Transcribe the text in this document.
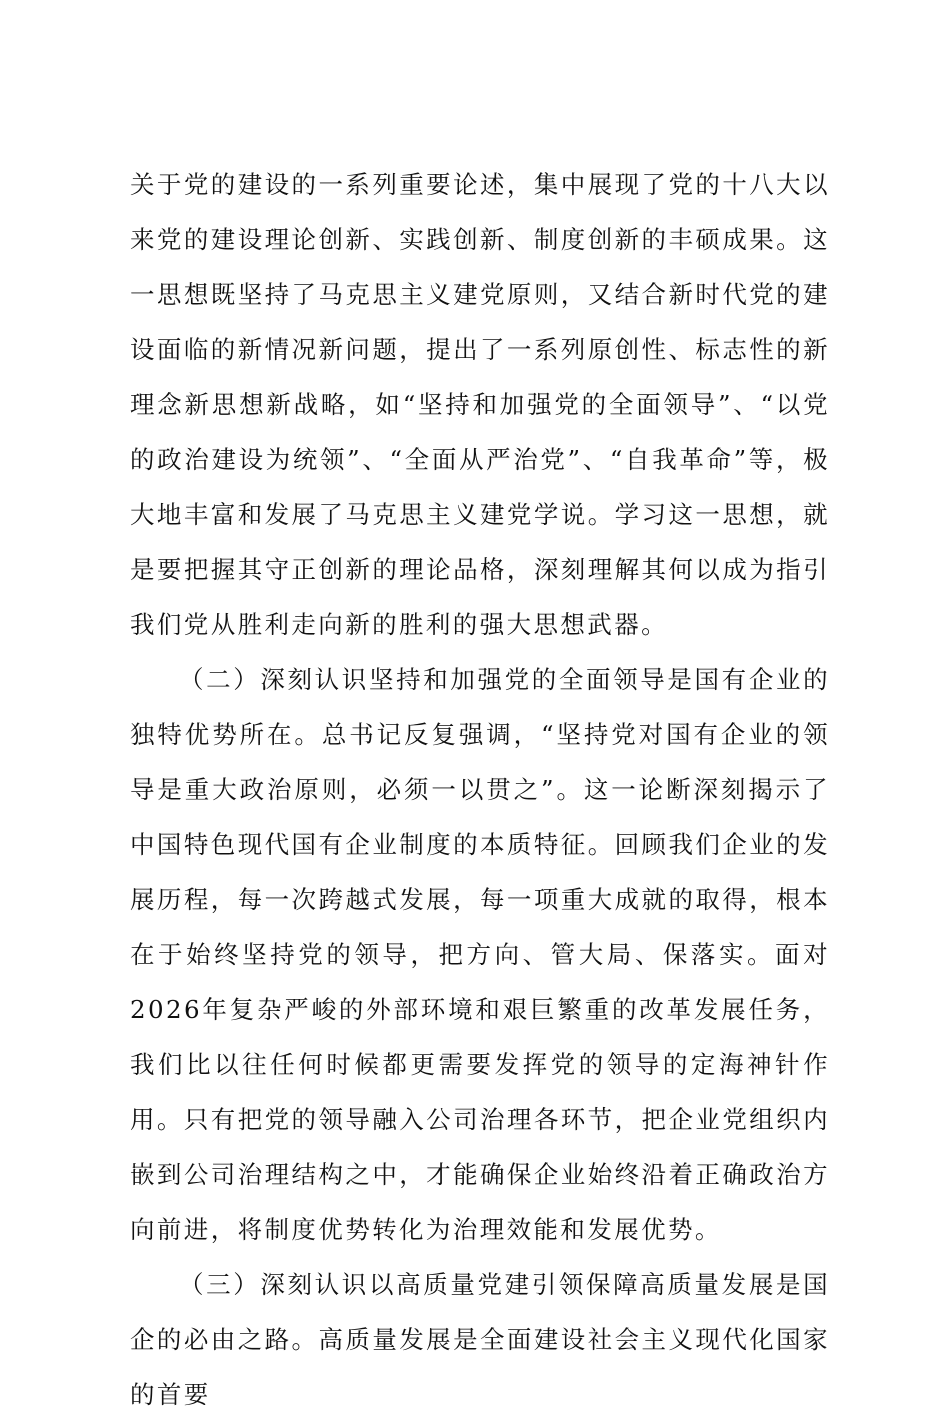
关于党的建设的一系列重要论述，集中展现了党的十八大以来党的建设理论创新、实践创新、制度创新的丰硕成果。这一思想既坚持了马克思主义建党原则，又结合新时代党的建设面临的新情况新问题，提出了一系列原创性、标志性的新理念新思想新战略，如“坚持和加强党的全面领导”、“以党的政治建设为统领”、“全面从严治党”、“自我革命”等，极大地丰富和发展了马克思主义建党学说。学习这一思想，就是要把握其守正创新的理论品格，深刻理解其何以成为指引我们党从胜利走向新的胜利的强大思想武器。

（二）深刻认识坚持和加强党的全面领导是国有企业的独特优势所在。总书记反复强调，“坚持党对国有企业的领导是重大政治原则，必须一以贯之”。这一论断深刻揭示了中国特色现代国有企业制度的本质特征。回顾我们企业的发展历程，每一次跨越式发展，每一项重大成就的取得，根本在于始终坚持党的领导，把方向、管大局、保落实。面对2026年复杂严峻的外部环境和艰巨繁重的改革发展任务，我们比以往任何时候都更需要发挥党的领导的定海神针作用。只有把党的领导融入公司治理各环节，把企业党组织内嵌到公司治理结构之中，才能确保企业始终沿着正确政治方向前进，将制度优势转化为治理效能和发展优势。

（三）深刻认识以高质量党建引领保障高质量发展是国企的必由之路。高质量发展是全面建设社会主义现代化国家的首要
